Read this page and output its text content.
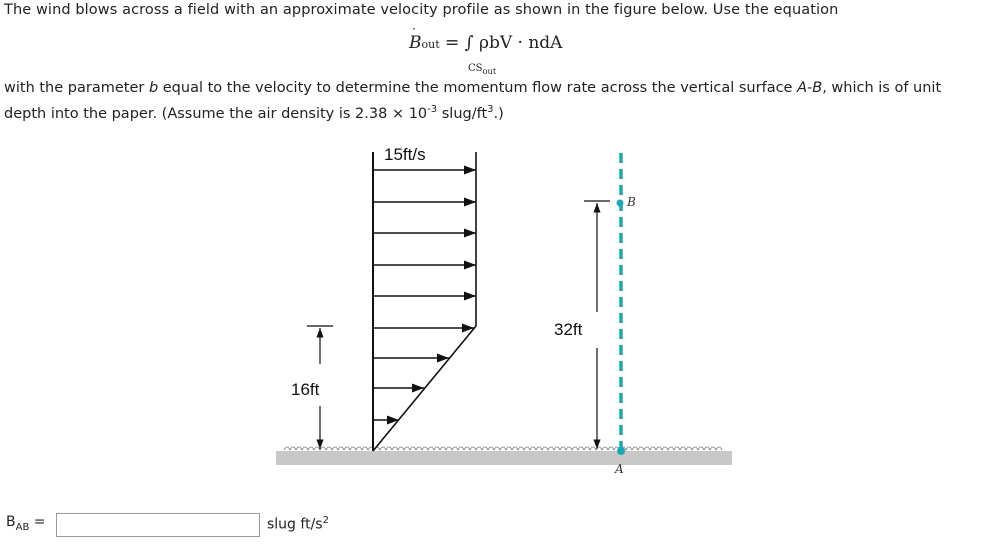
The wind blows across a field with an approximate velocity profile as shown in the figure below. Use the equation
B
·
out = ∫ ρbV · ndA
$CS_{out}$
with the parameter b equal to the velocity to determine the momentum flow rate across the vertical surface A-B, which is of unit depth into the paper. (Assume the air density is $2.38 \times 10^{-3}$ slug/$ft^3$.)
15ft/s
16ft
32ft
B
A
$B_{AB}$ =	slug $ft/s^2$
